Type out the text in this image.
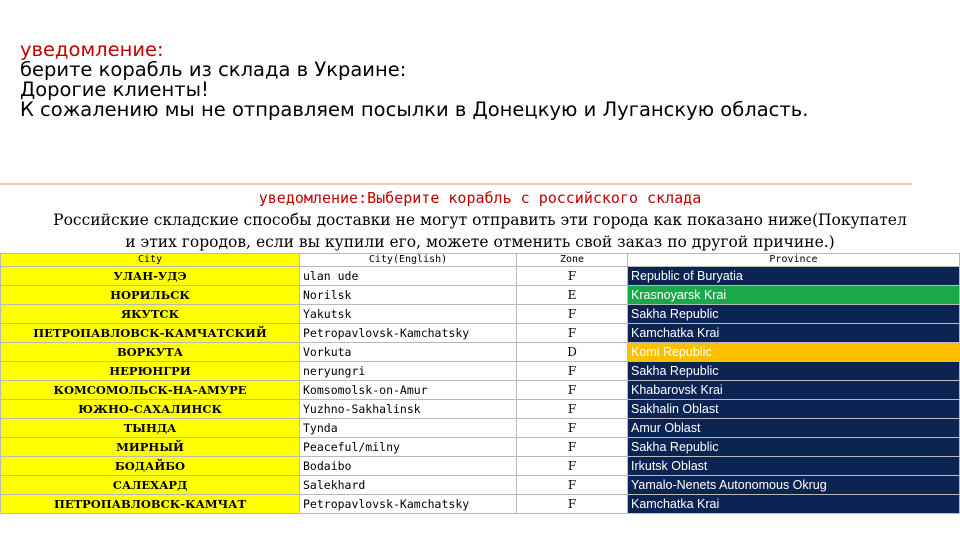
уведомление:
берите корабль из склада в Украине:
Дорогие клиенты!
К сожалению мы не отправляем посылки в Донецкую и Луганскую область.
уведомление:Выберите корабль с российского склада
Российские складские способы доставки не могут отправить эти города как показано ниже(Покупател
и этих городов, если вы купили его, можете отменить свой заказ по другой причине.)
City	City(English)	Zone	Province
УЛАН-УДЭ	ulan ude	F	Republic of Buryatia
НОРИЛЬСК	Norilsk	E	Krasnoyarsk Krai
ЯКУТСК	Yakutsk	F	Sakha Republic
ПЕТРОПАВЛОВСК-КАМЧАТСКИЙ	Petropavlovsk-Kamchatsky	F	Kamchatka Krai
ВОРКУТА	Vorkuta	D	Komi Republic
НЕРЮНГРИ	neryungri	F	Sakha Republic
КОМСОМОЛЬСК-НА-АМУРЕ	Komsomolsk-on-Amur	F	Khabarovsk Krai
ЮЖНО-САХАЛИНСК	Yuzhno-Sakhalinsk	F	Sakhalin Oblast
ТЫНДА	Tynda	F	Amur Oblast
МИРНЫЙ	Peaceful/milny	F	Sakha Republic
БОДАЙБО	Bodaibo	F	Irkutsk Oblast
САЛЕХАРД	Salekhard	F	Yamalo-Nenets Autonomous Okrug
ПЕТРОПАВЛОВСК-КАМЧАТ	Petropavlovsk-Kamchatsky	F	Kamchatka Krai
